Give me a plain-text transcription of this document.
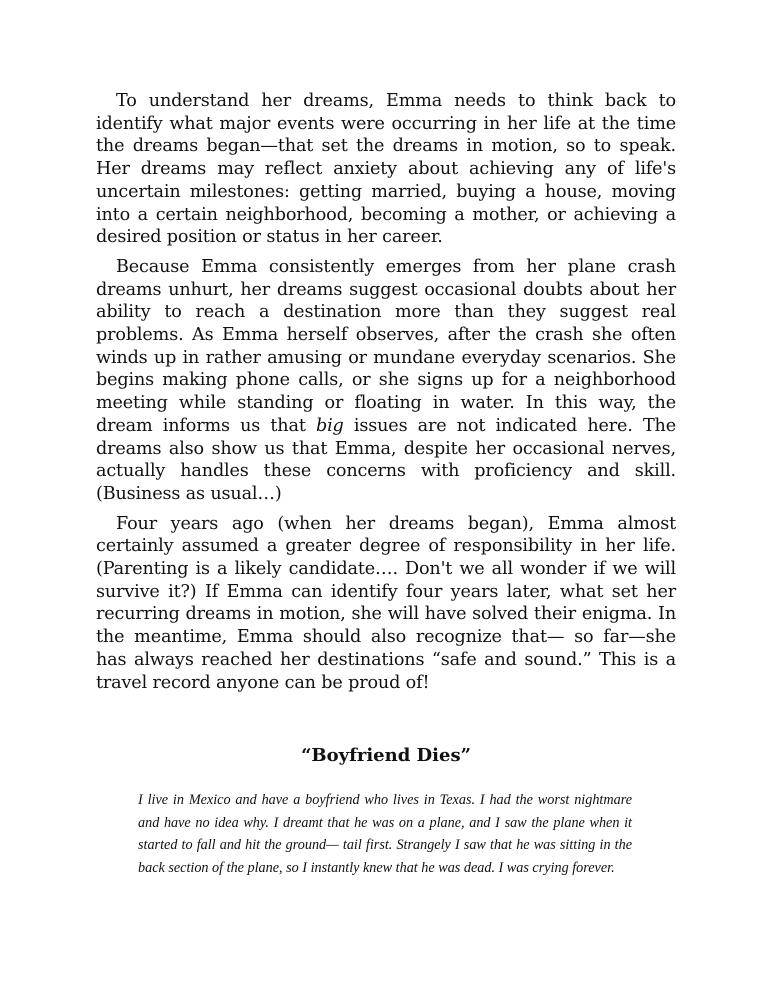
To understand her dreams, Emma needs to think back to identify what major events were occurring in her life at the time the dreams began—that set the dreams in motion, so to speak. Her dreams may reflect anxiety about achieving any of life's uncertain milestones: getting married, buying a house, moving into a certain neighborhood, becoming a mother, or achieving a desired position or status in her career.

Because Emma consistently emerges from her plane crash dreams unhurt, her dreams suggest occasional doubts about her ability to reach a destination more than they suggest real problems. As Emma herself observes, after the crash she often winds up in rather amusing or mundane everyday scenarios. She begins making phone calls, or she signs up for a neighborhood meeting while standing or floating in water. In this way, the dream informs us that big issues are not indicated here. The dreams also show us that Emma, despite her occasional nerves, actually handles these concerns with proficiency and skill. (Business as usual…)

Four years ago (when her dreams began), Emma almost certainly assumed a greater degree of responsibility in her life. (Parenting is a likely candidate…. Don't we all wonder if we will survive it?) If Emma can identify four years later, what set her recurring dreams in motion, she will have solved their enigma. In the meantime, Emma should also recognize that— so far—she has always reached her destinations “safe and sound.” This is a travel record anyone can be proud of!

“Boyfriend Dies”

I live in Mexico and have a boyfriend who lives in Texas. I had the worst nightmare and have no idea why. I dreamt that he was on a plane, and I saw the plane when it started to fall and hit the ground— tail first. Strangely I saw that he was sitting in the back section of the plane, so I instantly knew that he was dead. I was crying forever.
